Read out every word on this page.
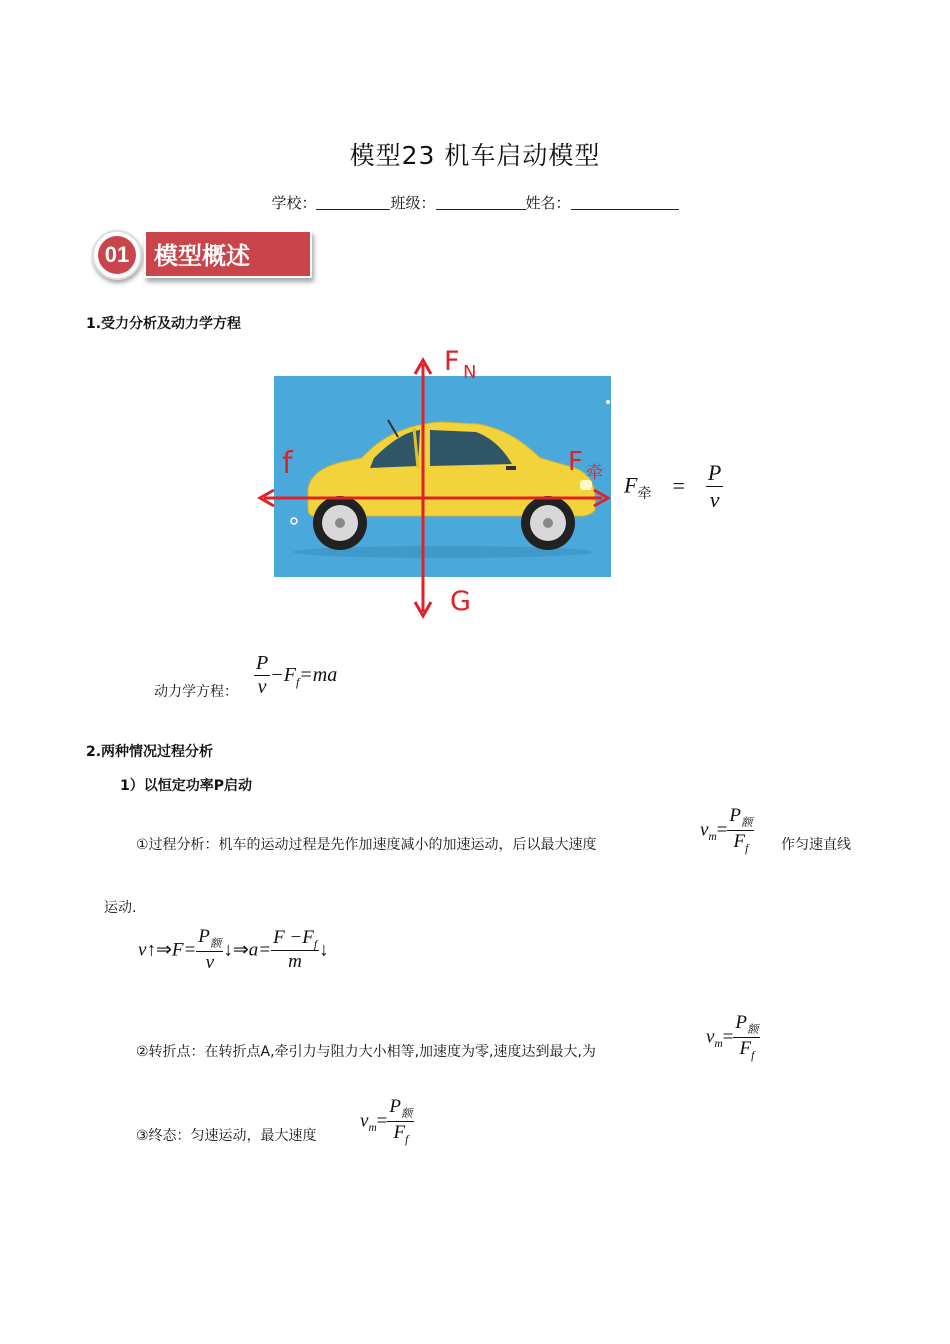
模型23 机车启动模型
学校：	班级：	姓名：
01 模型概述
1.受力分析及动力学方程
F N
f	F 牵
G
$F_牵 = \frac{P}{v}$
动力学方程： $\frac{P}{v} -F_f=ma$
2.两种情况过程分析
1）以恒定功率P启动
①过程分析：机车的运动过程是先作加速度减小的加速运动，后以最大速度
$v_m= \frac{P_额}{F_f}$ 作匀速直线
运动.
v↑⇒F= $\frac{P_额}{v}$ ↓⇒a= $\frac{F -F_f}{m}$ ↓
②转折点：在转折点A,牵引力与阻力大小相等,加速度为零,速度达到最大,为
$v_m= \frac{P_额}{F_f}$
③终态：匀速运动，最大速度
$v_m= \frac{P_额}{F_f}$
